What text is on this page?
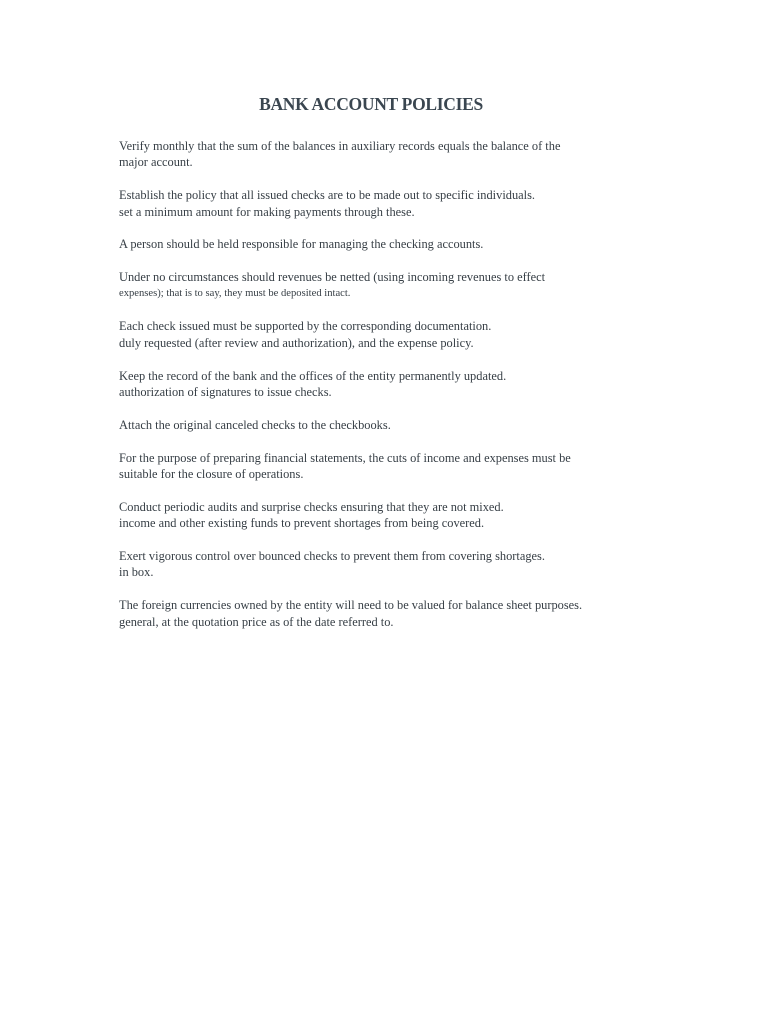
BANK ACCOUNT POLICIES

Verify monthly that the sum of the balances in auxiliary records equals the balance of the
major account.

Establish the policy that all issued checks are to be made out to specific individuals.
set a minimum amount for making payments through these.

A person should be held responsible for managing the checking accounts.

Under no circumstances should revenues be netted (using incoming revenues to effect
expenses); that is to say, they must be deposited intact.

Each check issued must be supported by the corresponding documentation.
duly requested (after review and authorization), and the expense policy.

Keep the record of the bank and the offices of the entity permanently updated.
authorization of signatures to issue checks.

Attach the original canceled checks to the checkbooks.

For the purpose of preparing financial statements, the cuts of income and expenses must be
suitable for the closure of operations.

Conduct periodic audits and surprise checks ensuring that they are not mixed.
income and other existing funds to prevent shortages from being covered.

Exert vigorous control over bounced checks to prevent them from covering shortages.
in box.

The foreign currencies owned by the entity will need to be valued for balance sheet purposes.
general, at the quotation price as of the date referred to.
